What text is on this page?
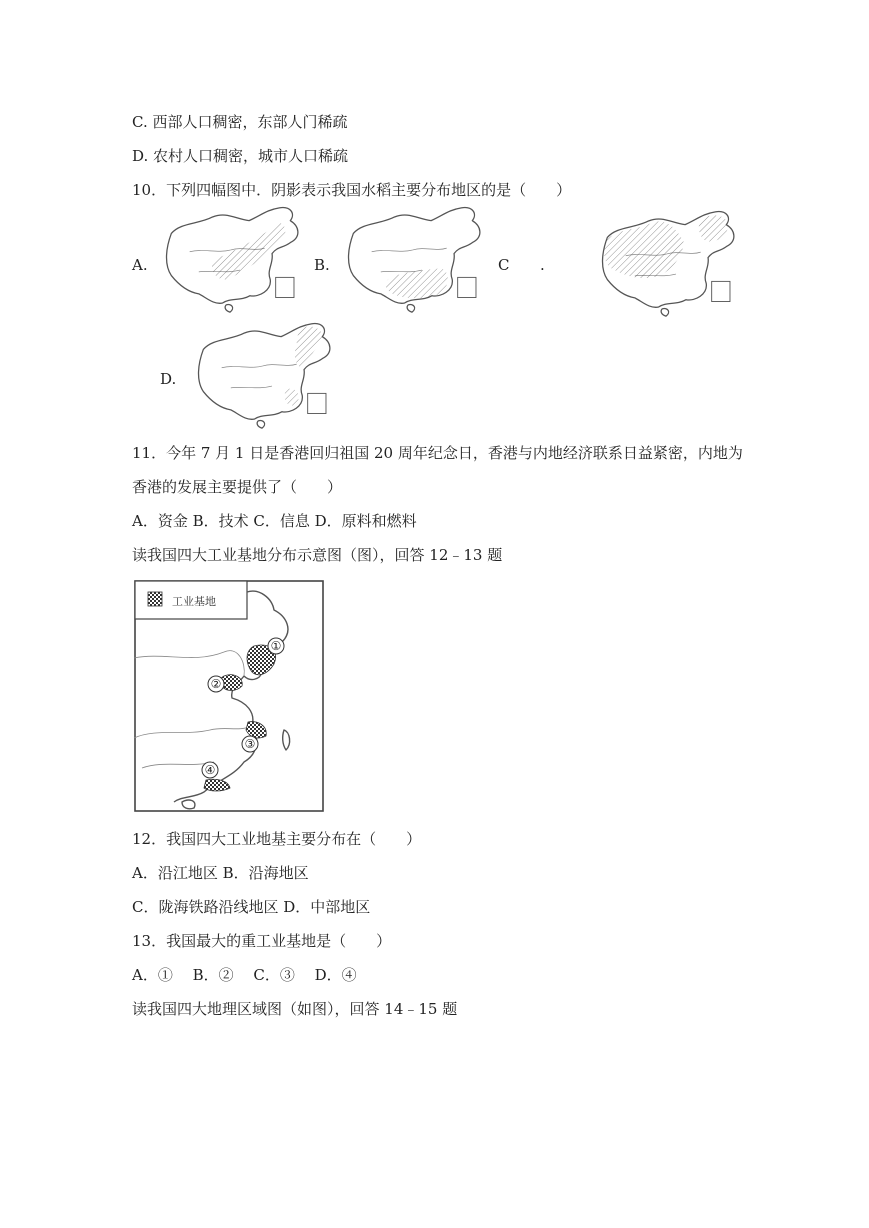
C. 西部人口稠密，东部人门稀疏
D. 农村人口稠密，城市人口稀疏
10．下列四幅图中．阴影表示我国水稻主要分布地区的是（　　）
A.	B.	C .
D.
11．今年 7 月 1 日是香港回归祖国 20 周年纪念日，香港与内地经济联系日益紧密，内地为
香港的发展主要提供了（　　）
A．资金 B．技术 C．信息 D．原料和燃料
读我国四大工业基地分布示意图（图），回答 12﹣13 题
工业基地
①
②
③
④
12．我国四大工业地基主要分布在（　　）
A．沿江地区 B．沿海地区
C．陇海铁路沿线地区 D．中部地区
13．我国最大的重工业基地是（　　）
A．①　 B．②　 C．③　 D．④
读我国四大地理区域图（如图），回答 14﹣15 题
